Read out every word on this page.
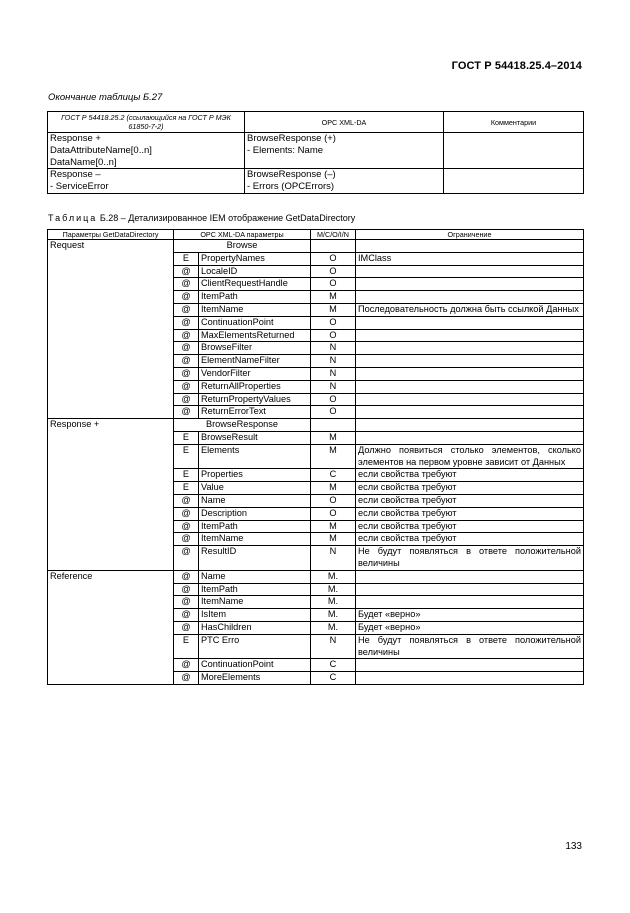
ГОСТ Р 54418.25.4–2014
Окончание таблицы Б.27
ГОСТ Р 54418.25.2 (ссылающийся на ГОСТ Р МЭК 61850-7-2)	OPC XML-DA	Комментарии

Response +
DataAttributeName[0..n]
DataName[0..n]	BrowseResponse (+)
- Elements: Name	

Response –
- ServiceError	BrowseResponse (–)
- Errors (OPCErrors)	

Таблица Б.28 – Детализированное IEM отображение GetDataDirectory
Параметры GetDataDirectory	OPC XML-DA параметры		M/C/O/I/N	Ограничение
Request	Browse			
	E	PropertyNames	O	IMClass
	@	LocaleID	O	
	@	ClientRequestHandle	O	
	@	ItemPath	M	
	@	ItemName	M	Последовательность должна быть ссылкой Данных
	@	ContinuationPoint	O	
	@	MaxElementsReturned	O	
	@	BrowseFilter	N	
	@	ElementNameFilter	N	
	@	VendorFilter	N	
	@	ReturnAllProperties	N	
	@	ReturnPropertyValues	O	
	@	ReturnErrorText	O	
Response +	BrowseResponse			
	E	BrowseResult	M	
	E	Elements	M	Должно появиться столько элементов, сколько элементов на первом уровне зависит от Данных
	E	Properties	C	если свойства требуют
	E	Value	M	если свойства требуют
	@	Name	O	если свойства требуют
	@	Description	O	если свойства требуют
	@	ItemPath	M	если свойства требуют
	@	ItemName	M	если свойства требуют
	@	ResultID	N	Не будут появляться в ответе положительной величины
Reference	@	Name	M.	
	@	ItemPath	M.	
	@	ItemName	M.	
	@	IsItem	M.	Будет «верно»
	@	HasChildren	M.	Будет «верно»
	E	PTC Erro	N	Не будут появляться в ответе положительной величины
	@	ContinuationPoint	C	
	@	MoreElements	C	
133
